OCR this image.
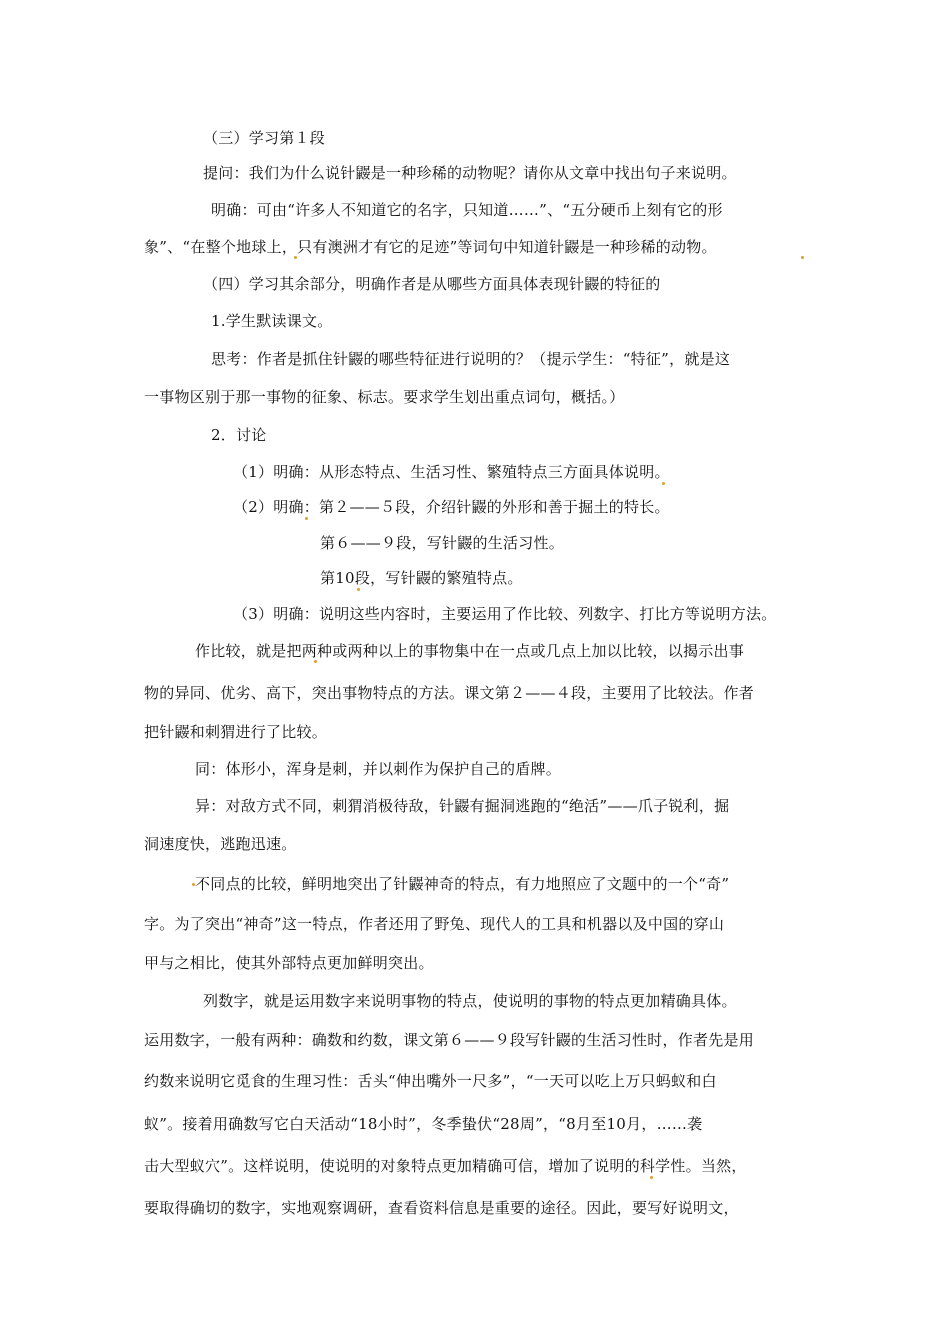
（三）学习第１段
提问：我们为什么说针鼹是一种珍稀的动物呢？请你从文章中找出句子来说明。
明确：可由“许多人不知道它的名字，只知道……”、“五分硬币上刻有它的形
象”、“在整个地球上，只有澳洲才有它的足迹”等词句中知道针鼹是一种珍稀的动物。
（四）学习其余部分，明确作者是从哪些方面具体表现针鼹的特征的
1.学生默读课文。
思考：作者是抓住针鼹的哪些特征进行说明的？（提示学生：“特征”，就是这
一事物区别于那一事物的征象、标志。要求学生划出重点词句，概括。）
2．讨论
（1）明确：从形态特点、生活习性、繁殖特点三方面具体说明。
（2）明确：第２——５段，介绍针鼹的外形和善于掘土的特长。
第６——９段，写针鼹的生活习性。
第10段，写针鼹的繁殖特点。
（3）明确：说明这些内容时，主要运用了作比较、列数字、打比方等说明方法。
作比较，就是把两种或两种以上的事物集中在一点或几点上加以比较，以揭示出事
物的异同、优劣、高下，突出事物特点的方法。课文第２——４段，主要用了比较法。作者
把针鼹和刺猬进行了比较。
同：体形小，浑身是刺，并以刺作为保护自己的盾牌。
异：对敌方式不同，刺猬消极待敌，针鼹有掘洞逃跑的“绝活”——爪子锐利，掘
洞速度快，逃跑迅速。
不同点的比较，鲜明地突出了针鼹神奇的特点，有力地照应了文题中的一个“奇”
字。为了突出“神奇”这一特点，作者还用了野兔、现代人的工具和机器以及中国的穿山
甲与之相比，使其外部特点更加鲜明突出。
列数字，就是运用数字来说明事物的特点，使说明的事物的特点更加精确具体。
运用数字，一般有两种：确数和约数，课文第６——９段写针鼹的生活习性时，作者先是用
约数来说明它觅食的生理习性：舌头“伸出嘴外一尺多”，“一天可以吃上万只蚂蚁和白
蚁”。接着用确数写它白天活动“18小时”，冬季蛰伏“28周”，“8月至10月，……袭
击大型蚁穴”。这样说明，使说明的对象特点更加精确可信，增加了说明的科学性。当然，
要取得确切的数字，实地观察调研，查看资料信息是重要的途径。因此，要写好说明文，
